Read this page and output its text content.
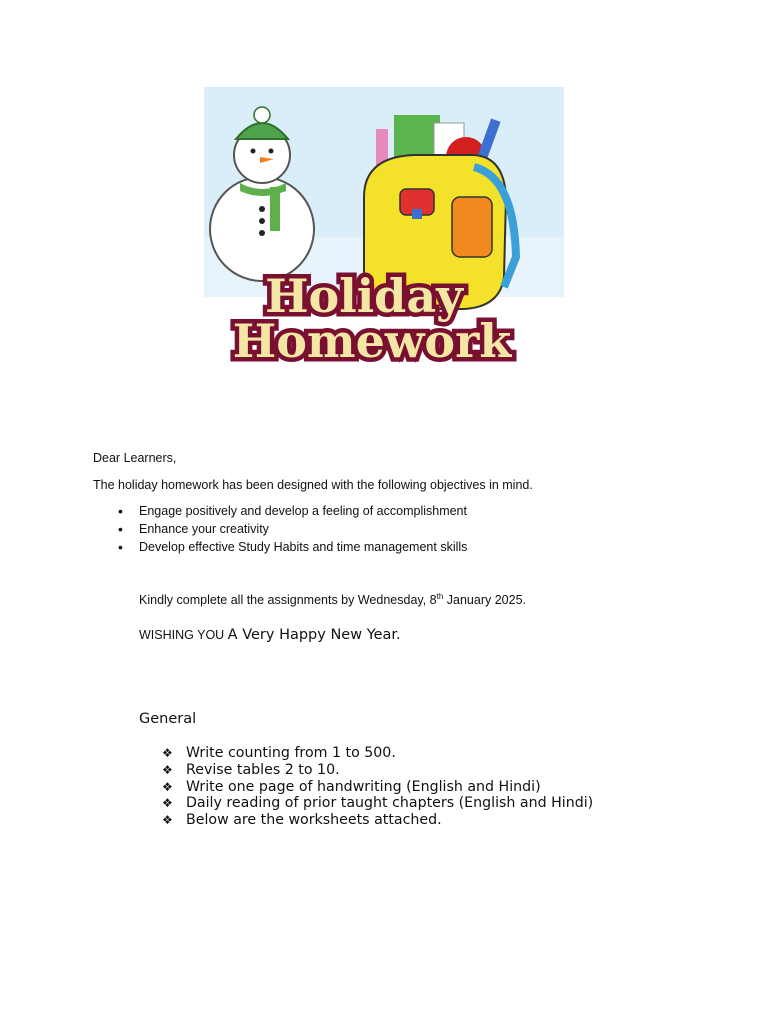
Holiday
Homework
Dear Learners,
The holiday homework has been designed with the following objectives in mind.
• Engage positively and develop a feeling of accomplishment
• Enhance your creativity
• Develop effective Study Habits and time management skills
Kindly complete all the assignments by Wednesday, 8th January 2025.
WISHING YOU A Very Happy New Year.
General
❖ Write counting from 1 to 500.
❖ Revise tables 2 to 10.
❖ Write one page of handwriting (English and Hindi)
❖ Daily reading of prior taught chapters (English and Hindi)
❖ Below are the worksheets attached.
